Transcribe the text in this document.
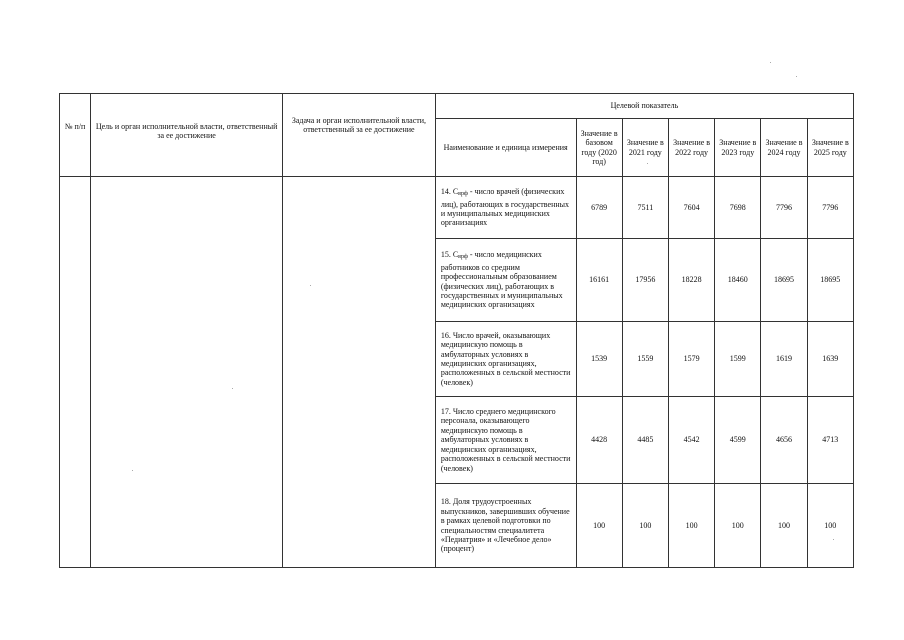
№ п/п	Цель и орган исполнительной власти, ответственный за ее достижение	Задача и орган исполнительной власти, ответственный за ее достижение	Целевой показатель						
			Наименование и единица измерения	Значение в базовом году (2020 год)	Значение в 2021 году	Значение в 2022 году	Значение в 2023 году	Значение в 2024 году	Значение в 2025 году
			14. $С_{врф}$ - число врачей (физических лиц), работающих в государственных и муниципальных медицинских организациях	6789	7511	7604	7698	7796	7796
			15. $С_{врф}$ - число медицинских работников со средним профессиональным образованием (физических лиц), работающих в государственных и муниципальных медицинских организациях	16161	17956	18228	18460	18695	18695
			16. Число врачей, оказывающих медицинскую помощь в амбулаторных условиях в медицинских организациях, расположенных в сельской местности (человек)	1539	1559	1579	1599	1619	1639
			17. Число среднего медицинского персонала, оказывающего медицинскую помощь в амбулаторных условиях в медицинских организациях, расположенных в сельской местности (человек)	4428	4485	4542	4599	4656	4713
			18. Доля трудоустроенных выпускников, завершивших обучение в рамках целевой подготовки по специальностям специалитета «Педиатрия» и «Лечебное дело» (процент)	100	100	100	100	100	100
